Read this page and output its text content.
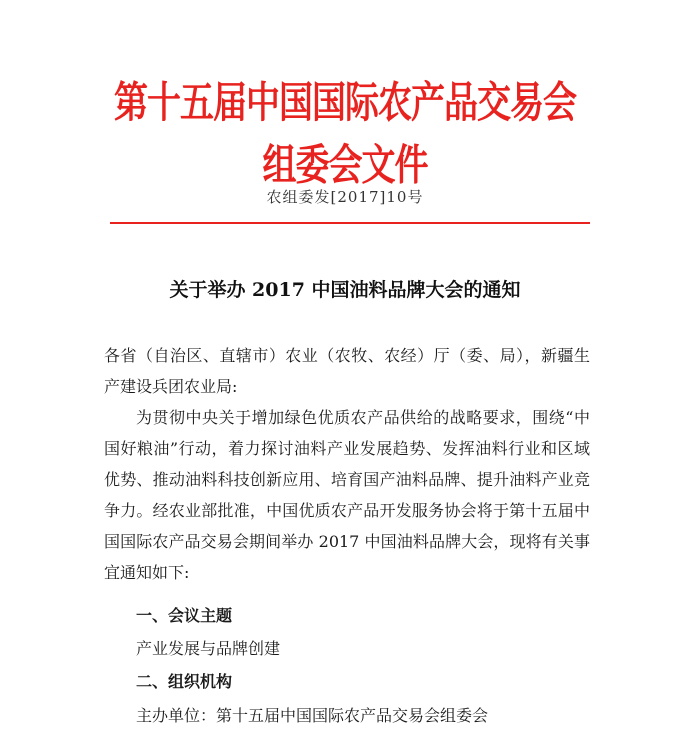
第十五届中国国际农产品交易会组委会文件
农组委发[2017]10号
关于举办 2017 中国油料品牌大会的通知
各省（自治区、直辖市）农业（农牧、农经）厅（委、局），新疆生产建设兵团农业局:
为贯彻中央关于增加绿色优质农产品供给的战略要求，围绕“中国好粮油”行动，着力探讨油料产业发展趋势、发挥油料行业和区域优势、推动油料科技创新应用、培育国产油料品牌、提升油料产业竞争力。经农业部批准，中国优质农产品开发服务协会将于第十五届中国国际农产品交易会期间举办 2017 中国油料品牌大会，现将有关事宜通知如下:
一、会议主题
产业发展与品牌创建
二、组织机构
主办单位：第十五届中国国际农产品交易会组委会
